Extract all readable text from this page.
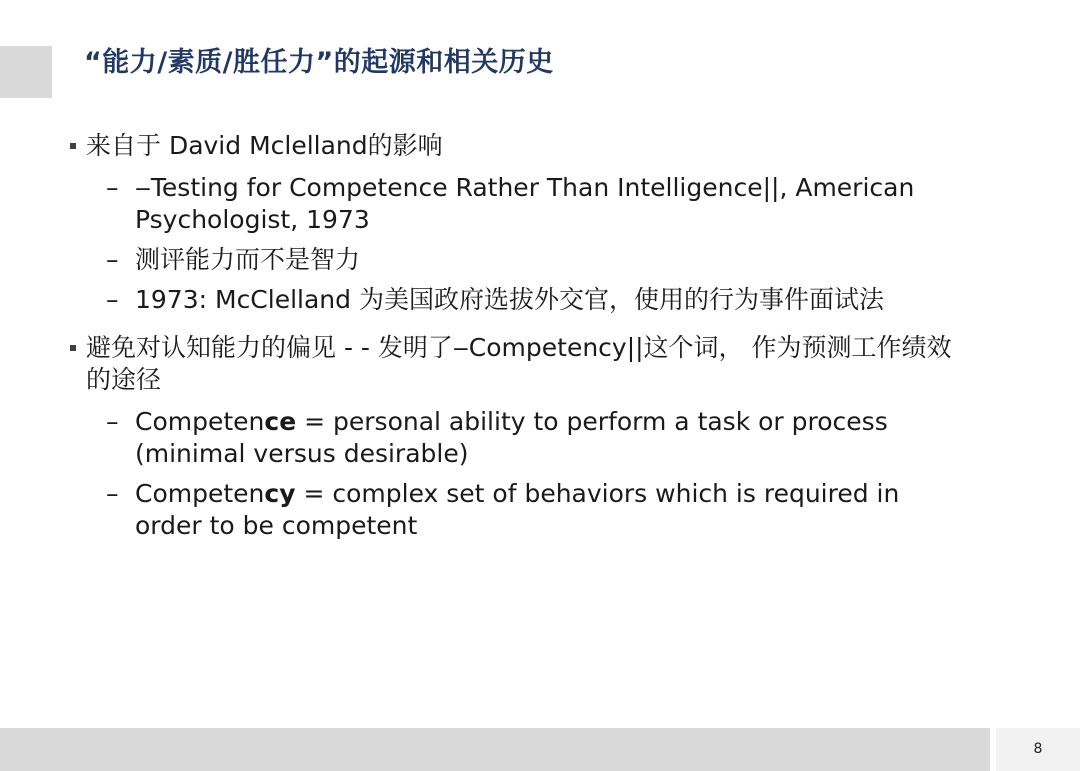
“能力/素质/胜任力”的起源和相关历史
来自于 David Mclelland的影响
– ‒Testing for Competence Rather Than Intelligence||, American Psychologist, 1973
– 测评能力而不是智力
– 1973: McClelland 为美国政府选拔外交官，使用的行为事件面试法
避免对认知能力的偏见 - - 发明了‒Competency||这个词， 作为预测工作绩效的途径
– Competence = personal ability to perform a task or process (minimal versus desirable)
– Competency = complex set of behaviors which is required in order to be competent
8
